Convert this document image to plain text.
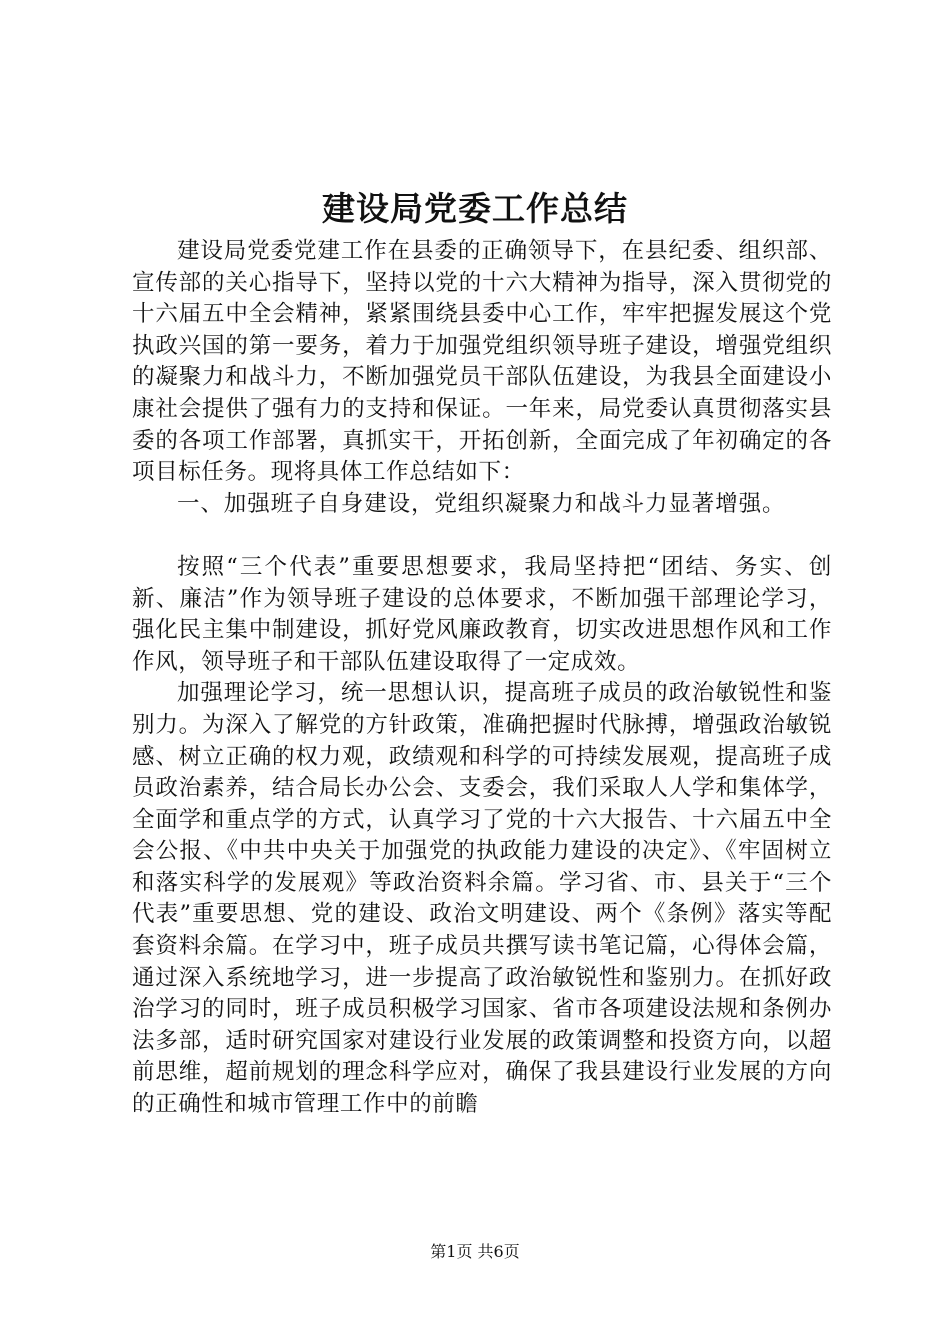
建设局党委工作总结

建设局党委党建工作在县委的正确领导下，在县纪委、组织部、宣传部的关心指导下，坚持以党的十六大精神为指导，深入贯彻党的十六届五中全会精神，紧紧围绕县委中心工作，牢牢把握发展这个党执政兴国的第一要务，着力于加强党组织领导班子建设，增强党组织的凝聚力和战斗力，不断加强党员干部队伍建设，为我县全面建设小康社会提供了强有力的支持和保证。一年来，局党委认真贯彻落实县委的各项工作部署，真抓实干，开拓创新，全面完成了年初确定的各项目标任务。现将具体工作总结如下：

一、加强班子自身建设，党组织凝聚力和战斗力显著增强。

按照“三个代表”重要思想要求，我局坚持把“团结、务实、创新、廉洁”作为领导班子建设的总体要求，不断加强干部理论学习，强化民主集中制建设，抓好党风廉政教育，切实改进思想作风和工作作风，领导班子和干部队伍建设取得了一定成效。

加强理论学习，统一思想认识，提高班子成员的政治敏锐性和鉴别力。为深入了解党的方针政策，准确把握时代脉搏，增强政治敏锐感、树立正确的权力观，政绩观和科学的可持续发展观，提高班子成员政治素养，结合局长办公会、支委会，我们采取人人学和集体学，全面学和重点学的方式，认真学习了党的十六大报告、十六届五中全会公报、《中共中央关于加强党的执政能力建设的决定》、《牢固树立和落实科学的发展观》等政治资料余篇。学习省、市、县关于“三个代表”重要思想、党的建设、政治文明建设、两个《条例》落实等配套资料余篇。在学习中，班子成员共撰写读书笔记篇，心得体会篇，通过深入系统地学习，进一步提高了政治敏锐性和鉴别力。在抓好政治学习的同时，班子成员积极学习国家、省市各项建设法规和条例办法多部，适时研究国家对建设行业发展的政策调整和投资方向，以超前思维，超前规划的理念科学应对，确保了我县建设行业发展的方向的正确性和城市管理工作中的前瞻

第1页 共6页
